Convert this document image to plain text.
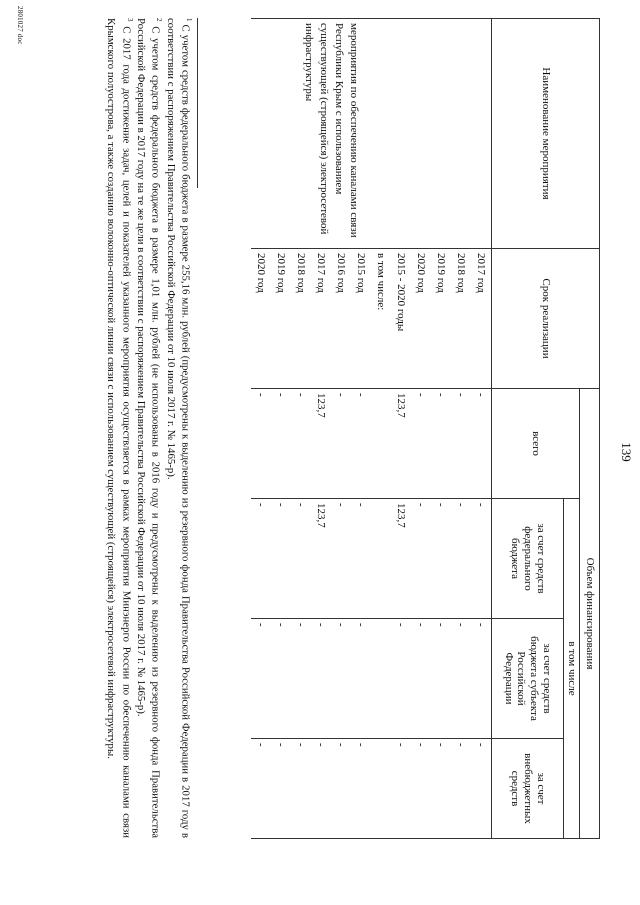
139
Наименование мероприятия	Срок реализации	Объем финансирования			
		всего	в том числе		
			за счет средств федерального бюджета	за счет средств бюджета субъекта Российской Федерации	за счет внебюджетных средств
	2017 год	-	-	-	-
	2018 год	-	-	-	-
	2019 год	-	-	-	-
	2020 год	-	-	-	-
мероприятия по обеспечению каналами связи Республики Крым с использованием существующей (строящейся) электросетевой инфраструктуры	2015 - 2020 годы	123,7	123,7	-	-
	в том числе:				
	2015 год	-	-	-	-
	2016 год	-	-	-	-
	2017 год	123,7	123,7	-	-
	2018 год	-	-	-	-
	2019 год	-	-	-	-
	2020 год	-	-	-	-

$^1$ С учетом средств федерального бюджета в размере 255,16 млн. рублей (предусмотрены к выделению из резервного фонда Правительства Российской Федерации в 2017 году в соответствии с распоряжением Правительства Российской Федерации от 10 июля 2017 г. № 1465-р).

$^2$ С учетом средств федерального бюджета в размере 1,01 млн. рублей (не использованы в 2016 году и предусмотрены к выделению из резервного фонда Правительства Российской Федерации в 2017 году на те же цели в соответствии с распоряжением Правительства Российской Федерации от 10 июля 2017 г. № 1465-р).

$^3$ С 2017 года достижение задач, целей и показателей указанного мероприятия осуществляется в рамках мероприятия Минэнерго России по обеспечению каналами связи Крымского полуострова, а также созданию волоконно-оптической линии связи с использованием существующей (строящейся) электросетевой инфраструктуры.

2801027 doc
